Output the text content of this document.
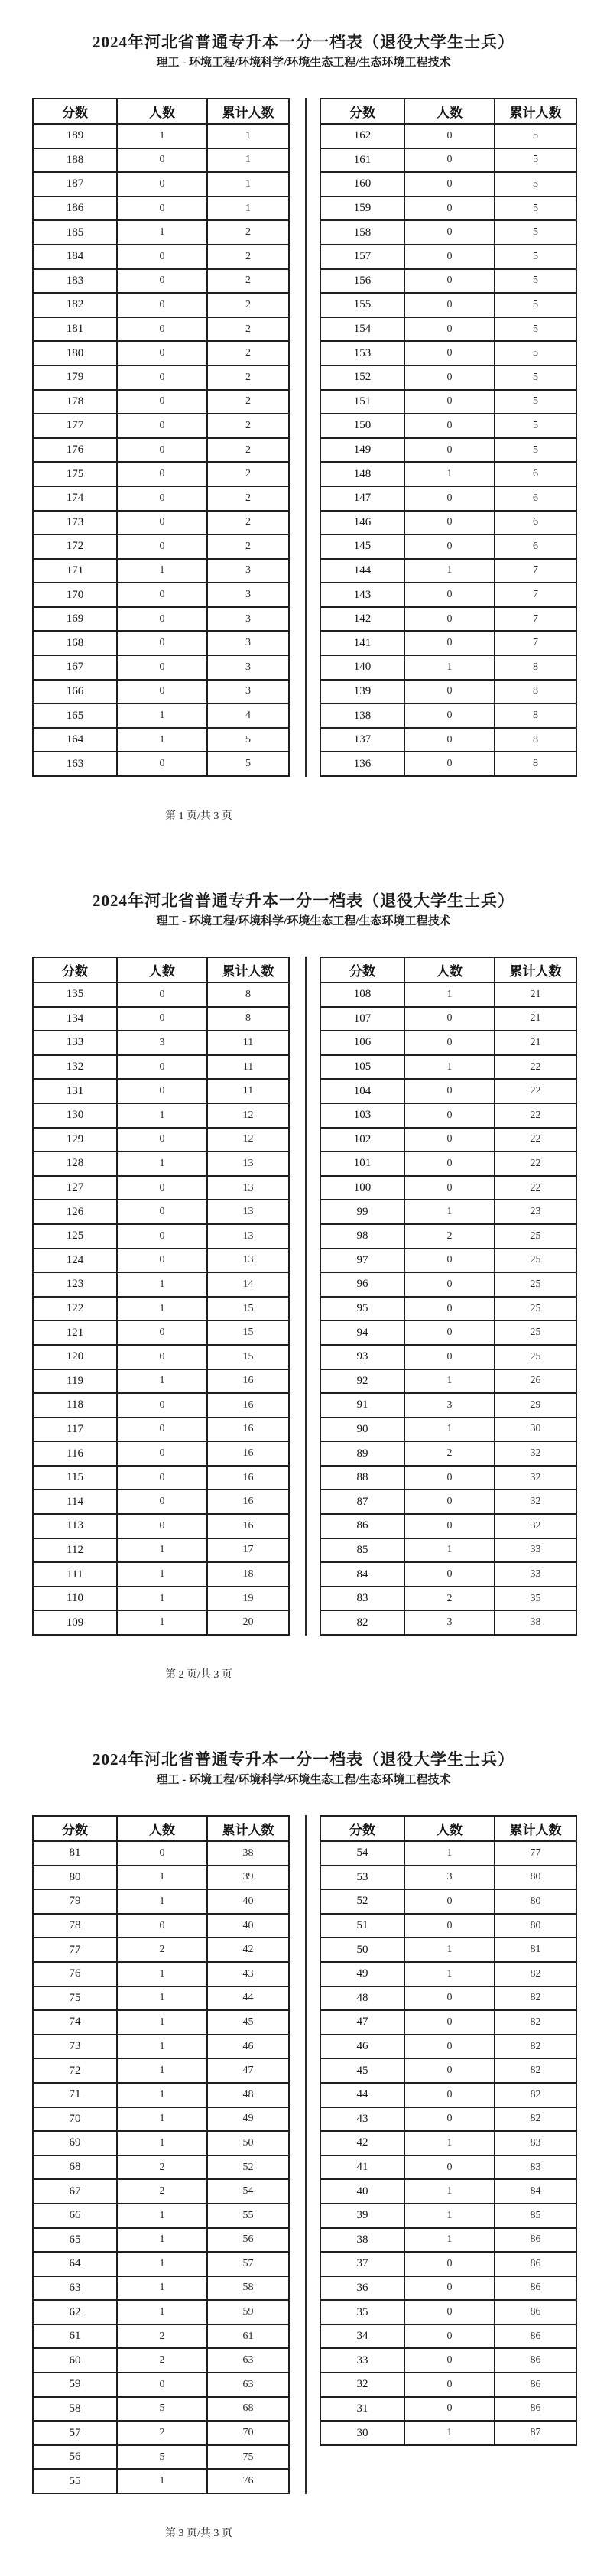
2024年河北省普通专升本一分一档表（退役大学生士兵）
理工 - 环境工程/环境科学/环境生态工程/生态环境工程技术
分数	人数	累计人数
189	1	1
188	0	1
187	0	1
186	0	1
185	1	2
184	0	2
183	0	2
182	0	2
181	0	2
180	0	2
179	0	2
178	0	2
177	0	2
176	0	2
175	0	2
174	0	2
173	0	2
172	0	2
171	1	3
170	0	3
169	0	3
168	0	3
167	0	3
166	0	3
165	1	4
164	1	5
163	0	5
分数	人数	累计人数
162	0	5
161	0	5
160	0	5
159	0	5
158	0	5
157	0	5
156	0	5
155	0	5
154	0	5
153	0	5
152	0	5
151	0	5
150	0	5
149	0	5
148	1	6
147	0	6
146	0	6
145	0	6
144	1	7
143	0	7
142	0	7
141	0	7
140	1	8
139	0	8
138	0	8
137	0	8
136	0	8
第 1 页/共 3 页
2024年河北省普通专升本一分一档表（退役大学生士兵）
理工 - 环境工程/环境科学/环境生态工程/生态环境工程技术
分数	人数	累计人数
135	0	8
134	0	8
133	3	11
132	0	11
131	0	11
130	1	12
129	0	12
128	1	13
127	0	13
126	0	13
125	0	13
124	0	13
123	1	14
122	1	15
121	0	15
120	0	15
119	1	16
118	0	16
117	0	16
116	0	16
115	0	16
114	0	16
113	0	16
112	1	17
111	1	18
110	1	19
109	1	20
分数	人数	累计人数
108	1	21
107	0	21
106	0	21
105	1	22
104	0	22
103	0	22
102	0	22
101	0	22
100	0	22
99	1	23
98	2	25
97	0	25
96	0	25
95	0	25
94	0	25
93	0	25
92	1	26
91	3	29
90	1	30
89	2	32
88	0	32
87	0	32
86	0	32
85	1	33
84	0	33
83	2	35
82	3	38
第 2 页/共 3 页
2024年河北省普通专升本一分一档表（退役大学生士兵）
理工 - 环境工程/环境科学/环境生态工程/生态环境工程技术
分数	人数	累计人数
81	0	38
80	1	39
79	1	40
78	0	40
77	2	42
76	1	43
75	1	44
74	1	45
73	1	46
72	1	47
71	1	48
70	1	49
69	1	50
68	2	52
67	2	54
66	1	55
65	1	56
64	1	57
63	1	58
62	1	59
61	2	61
60	2	63
59	0	63
58	5	68
57	2	70
56	5	75
55	1	76
分数	人数	累计人数
54	1	77
53	3	80
52	0	80
51	0	80
50	1	81
49	1	82
48	0	82
47	0	82
46	0	82
45	0	82
44	0	82
43	0	82
42	1	83
41	0	83
40	1	84
39	1	85
38	1	86
37	0	86
36	0	86
35	0	86
34	0	86
33	0	86
32	0	86
31	0	86
30	1	87
第 3 页/共 3 页
